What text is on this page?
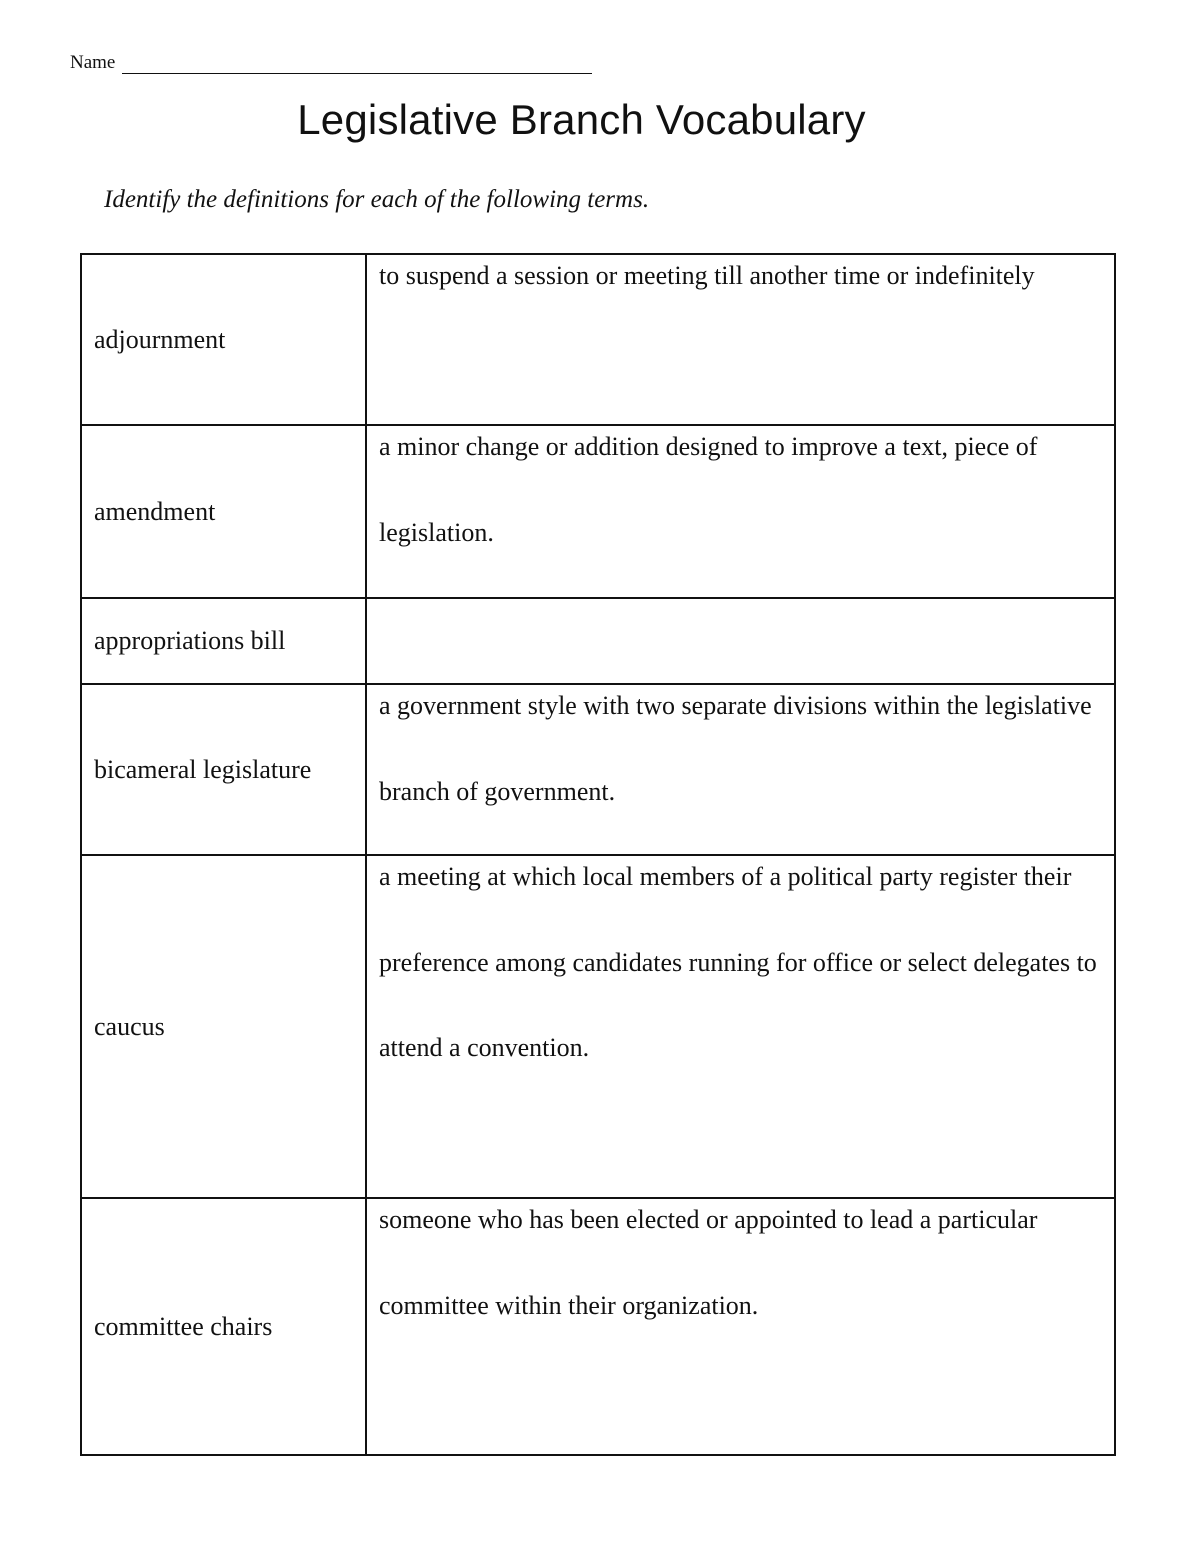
Name
Legislative Branch Vocabulary
Identify the definitions for each of the following terms.
adjournment	to suspend a session or meeting till another time or indefinitely

amendment	a minor change or addition designed to improve a text, piece of legislation.

appropriations bill	

bicameral legislature	a government style with two separate divisions within the legislative branch of government.

caucus	a meeting at which local members of a political party register their preference among candidates running for office or select delegates to attend a convention.

committee chairs	someone who has been elected or appointed to lead a particular committee within their organization.
